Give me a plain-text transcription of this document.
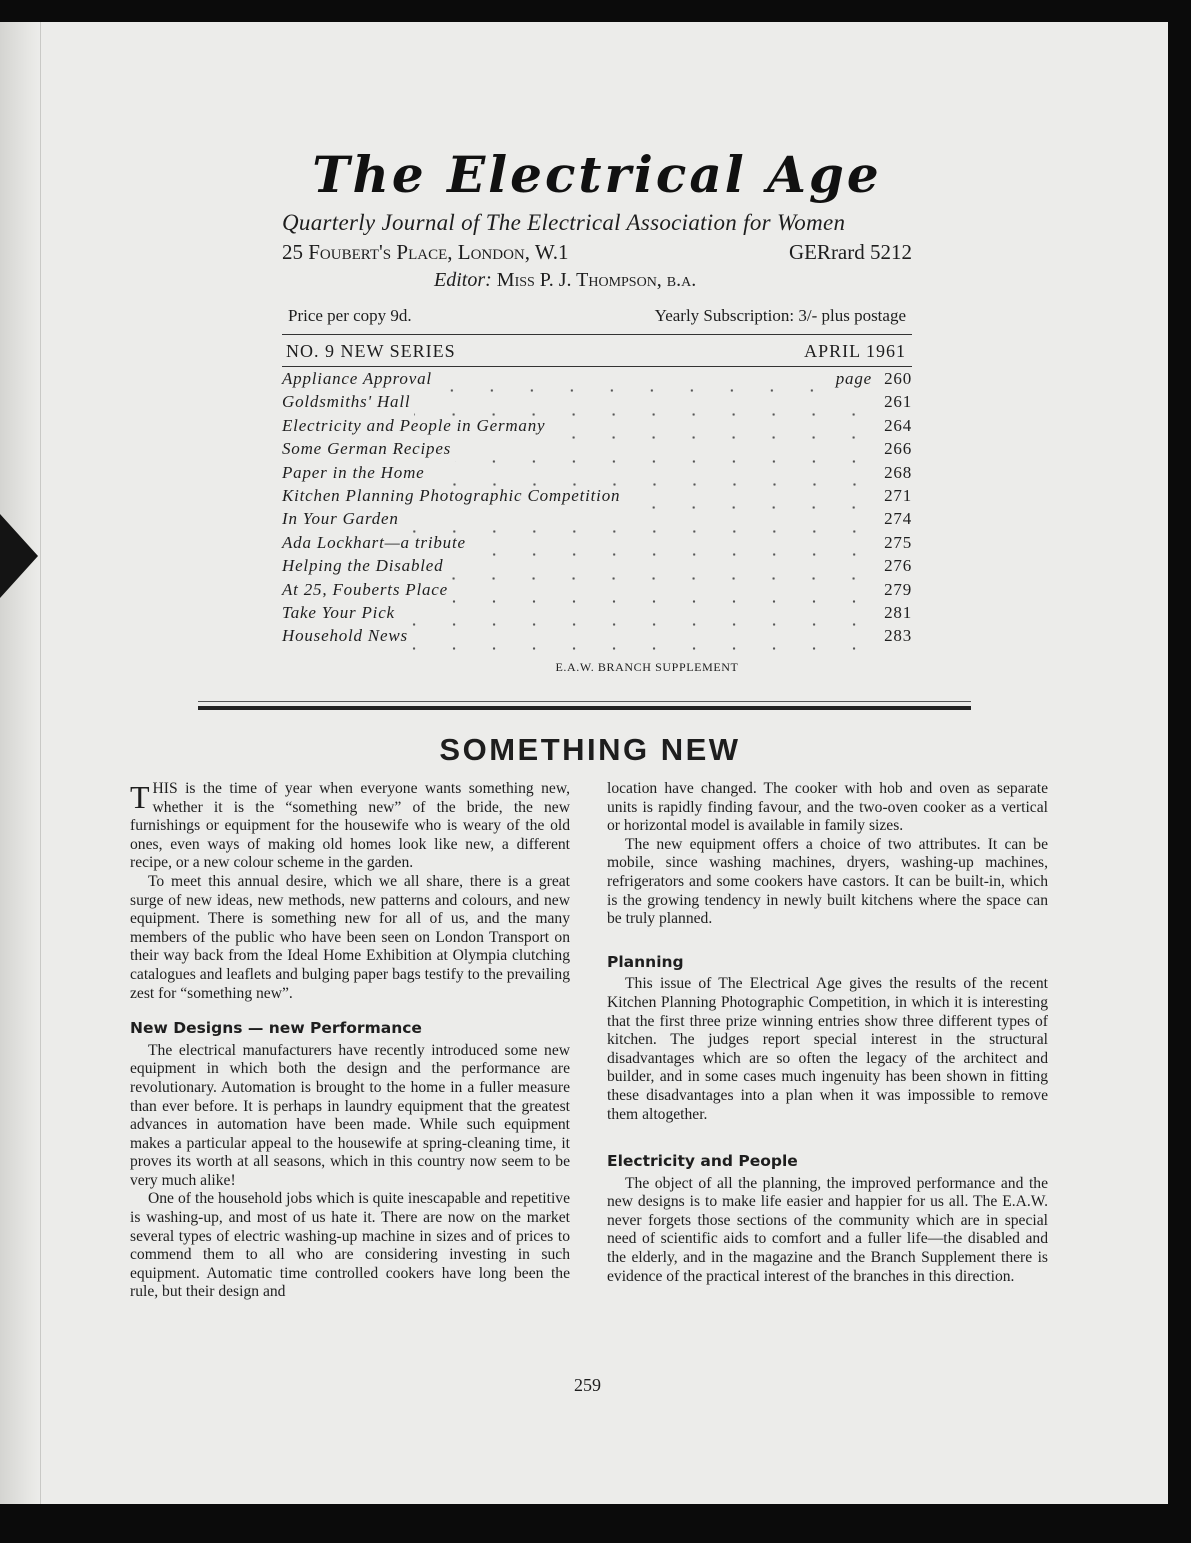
The Electrical Age
Quarterly Journal of The Electrical Association for Women
25 Foubert's Place, London, W.1	GERrard 5212
Editor: Miss P. J. Thompson, b.a.
Price per copy 9d.	Yearly Subscription: 3/- plus postage
NO. 9 NEW SERIES	APRIL 1961
Appliance Approval	page 260
Goldsmiths' Hall	261
Electricity and People in Germany	264
Some German Recipes	266
Paper in the Home	268
Kitchen Planning Photographic Competition	271
In Your Garden	274
Ada Lockhart—a tribute	275
Helping the Disabled	276
At 25, Fouberts Place	279
Take Your Pick	281
Household News	283
E.A.W. BRANCH SUPPLEMENT
SOMETHING NEW

THIS is the time of year when everyone wants something new, whether it is the “something new” of the bride, the new furnishings or equipment for the housewife who is weary of the old ones, even ways of making old homes look like new, a different recipe, or a new colour scheme in the garden.

To meet this annual desire, which we all share, there is a great surge of new ideas, new methods, new patterns and colours, and new equipment. There is something new for all of us, and the many members of the public who have been seen on London Transport on their way back from the Ideal Home Exhibition at Olympia clutching catalogues and leaflets and bulging paper bags testify to the prevailing zest for “something new”.

New Designs — new Performance

The electrical manufacturers have recently introduced some new equipment in which both the design and the performance are revolutionary. Automation is brought to the home in a fuller measure than ever before. It is perhaps in laundry equipment that the greatest advances in automation have been made. While such equipment makes a particular appeal to the housewife at spring-cleaning time, it proves its worth at all seasons, which in this country now seem to be very much alike!

One of the household jobs which is quite inescapable and repetitive is washing-up, and most of us hate it. There are now on the market several types of electric washing-up machine in sizes and of prices to commend them to all who are considering investing in such equipment. Automatic time controlled cookers have long been the rule, but their design and

location have changed. The cooker with hob and oven as separate units is rapidly finding favour, and the two-oven cooker as a vertical or horizontal model is available in family sizes.

The new equipment offers a choice of two attributes. It can be mobile, since washing machines, dryers, washing-up machines, refrigerators and some cookers have castors. It can be built-in, which is the growing tendency in newly built kitchens where the space can be truly planned.

Planning

This issue of The Electrical Age gives the results of the recent Kitchen Planning Photographic Competition, in which it is interesting that the first three prize winning entries show three different types of kitchen. The judges report special interest in the structural disadvantages which are so often the legacy of the architect and builder, and in some cases much ingenuity has been shown in fitting these disadvantages into a plan when it was impossible to remove them altogether.

Electricity and People

The object of all the planning, the improved performance and the new designs is to make life easier and happier for us all. The E.A.W. never forgets those sections of the community which are in special need of scientific aids to comfort and a fuller life—the disabled and the elderly, and in the magazine and the Branch Supplement there is evidence of the practical interest of the branches in this direction.

259
